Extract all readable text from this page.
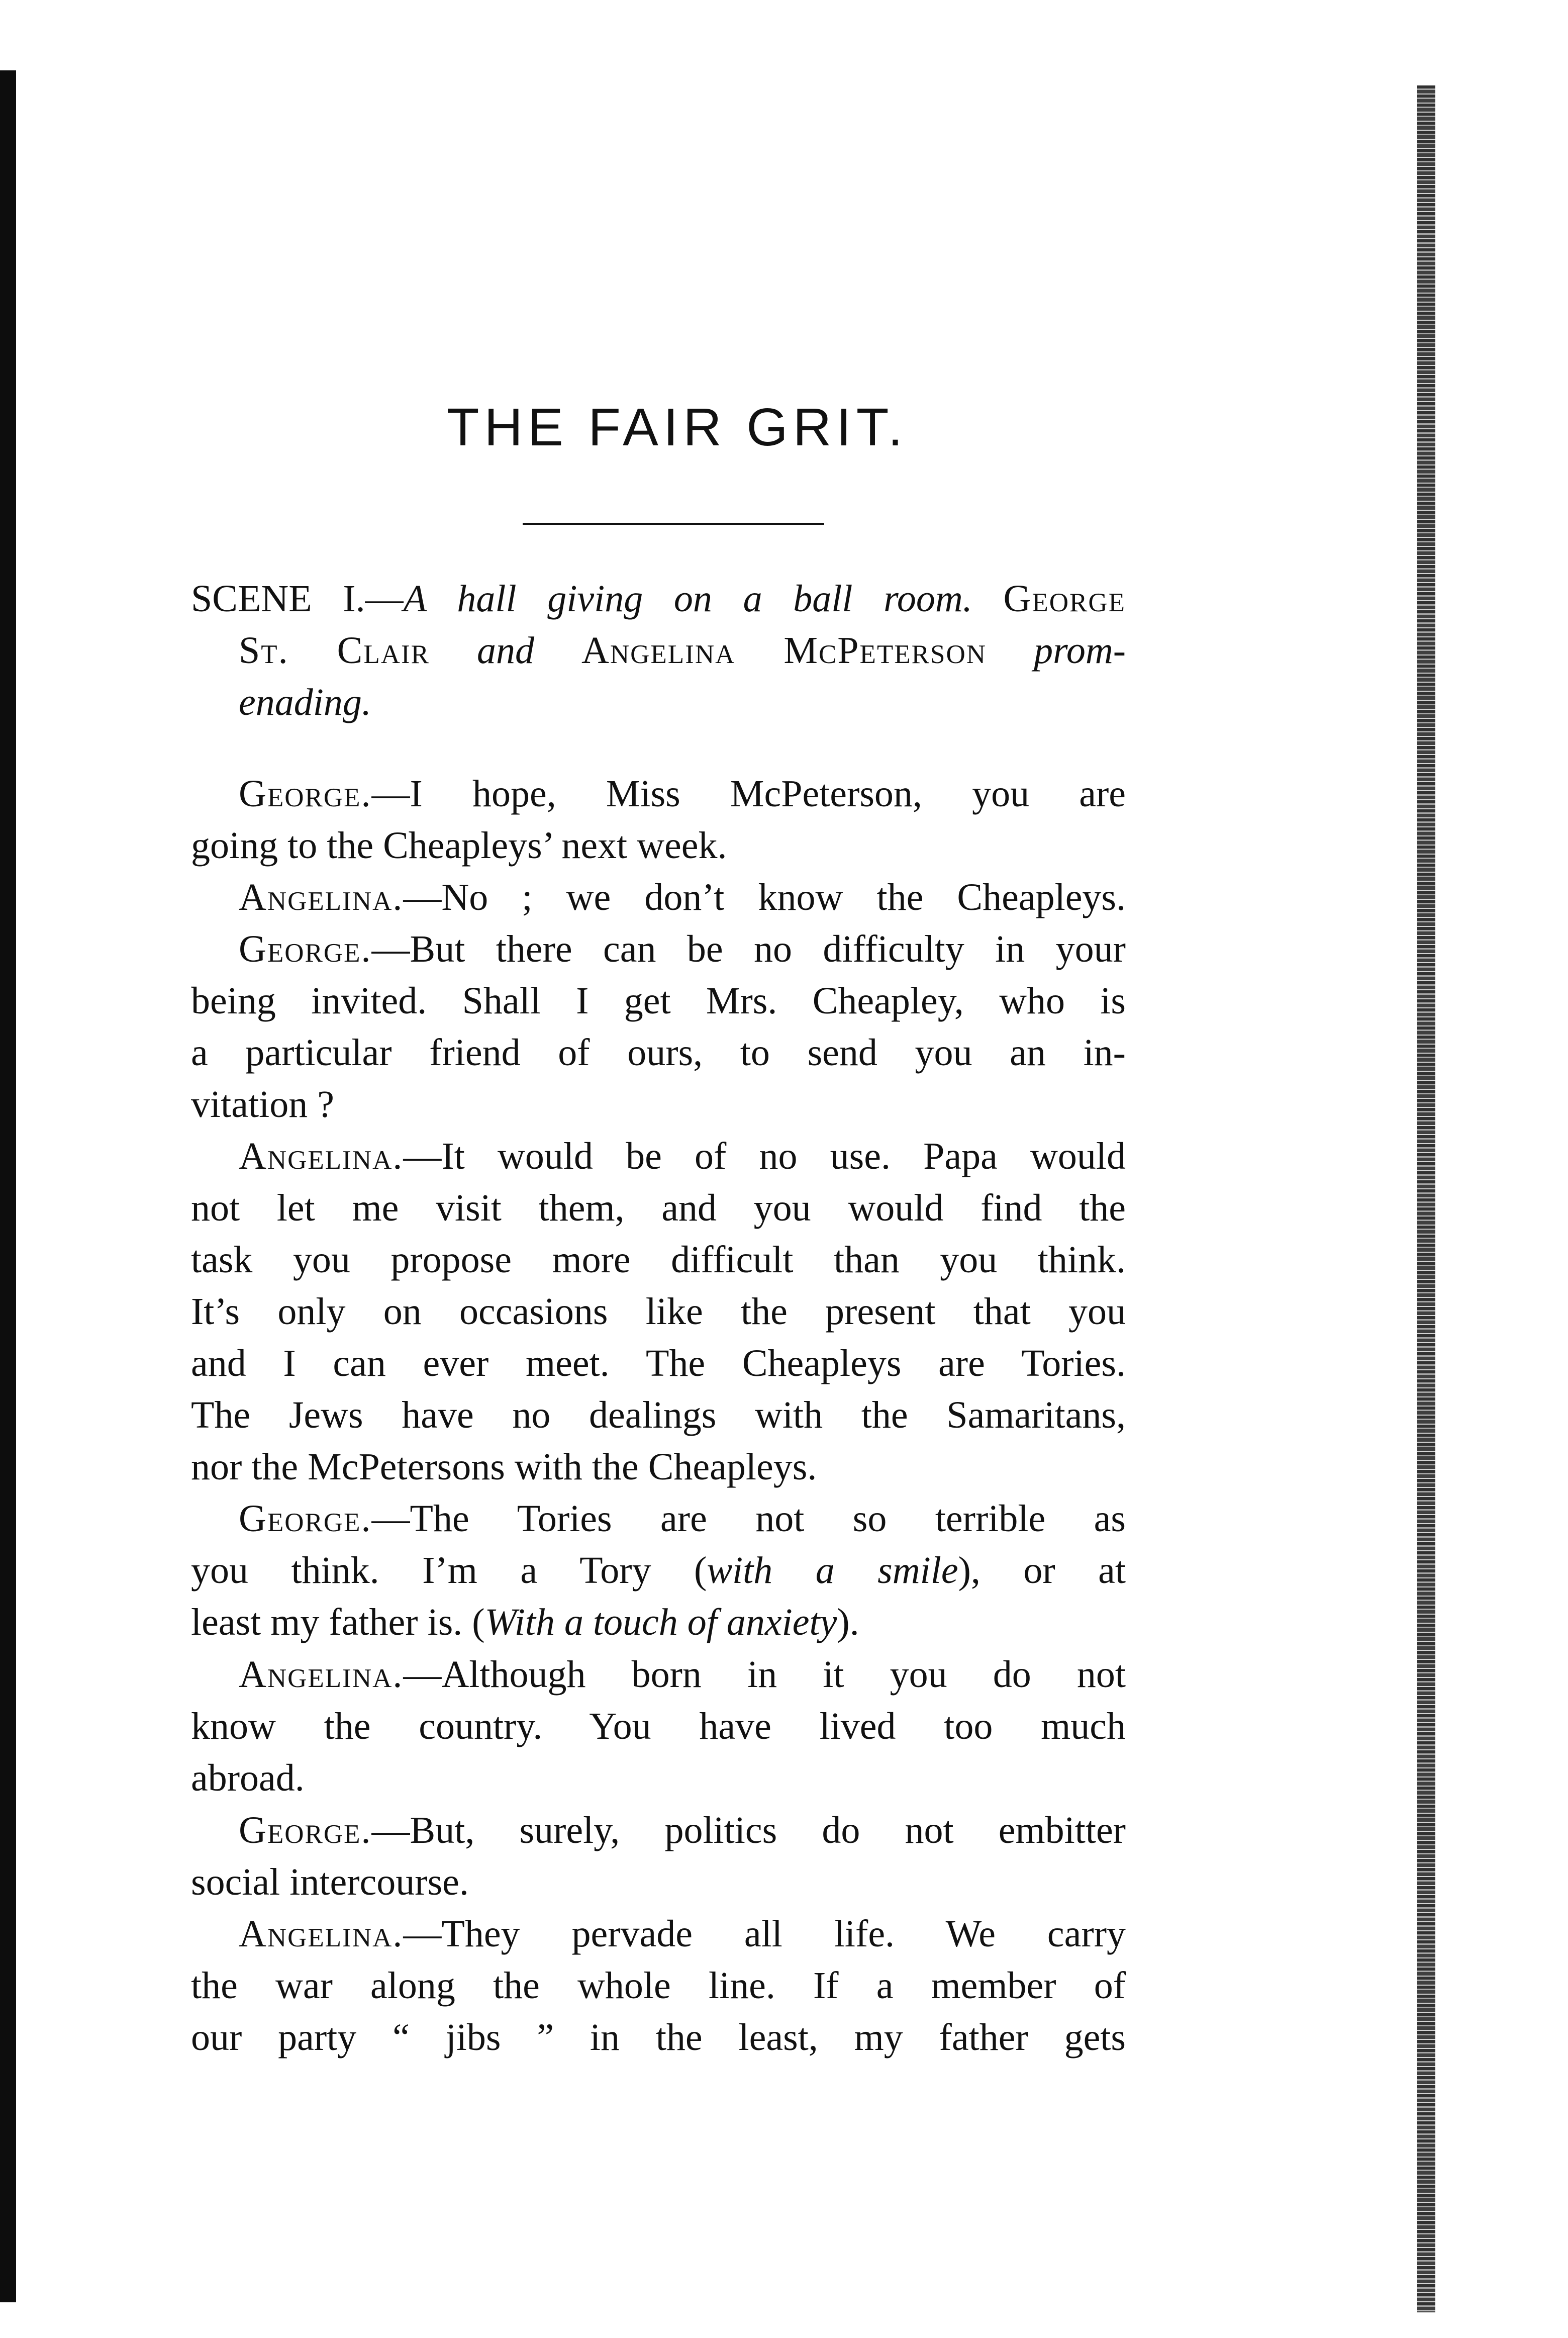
THE FAIR GRIT.
SCENE I.—A hall giving on a ball room. George
St. Clair and Angelina McPeterson prom-
enading.
George.—I hope, Miss McPeterson, you are
going to the Cheapleys’ next week.
Angelina.—No ; we don’t know the Cheapleys.
George.—But there can be no difficulty in your
being invited. Shall I get Mrs. Cheapley, who is
a particular friend of ours, to send you an in-
vitation ?
Angelina.—It would be of no use. Papa would
not let me visit them, and you would find the
task you propose more difficult than you think.
It’s only on occasions like the present that you
and I can ever meet. The Cheapleys are Tories.
The Jews have no dealings with the Samaritans,
nor the McPetersons with the Cheapleys.
George.—The Tories are not so terrible as
you think. I’m a Tory (with a smile), or at
least my father is. (With a touch of anxiety).
Angelina.—Although born in it you do not
know the country. You have lived too much
abroad.
George.—But, surely, politics do not embitter
social intercourse.
Angelina.—They pervade all life. We carry
the war along the whole line. If a member of
our party “ jibs ” in the least, my father gets
